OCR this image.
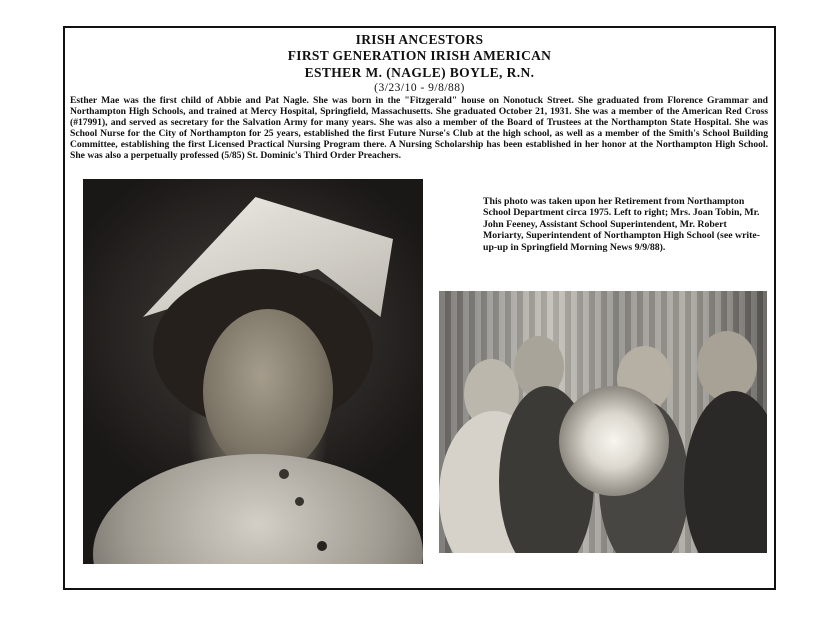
IRISH ANCESTORS
FIRST GENERATION IRISH AMERICAN
ESTHER M. (NAGLE) BOYLE, R.N.
(3/23/10 - 9/8/88)
Esther Mae was the first child of Abbie and Pat Nagle. She was born in the "Fitzgerald" house on Nonotuck Street. She graduated from Florence Grammar and Northampton High Schools, and trained at Mercy Hospital, Springfield, Massachusetts. She graduated October 21, 1931. She was a member of the American Red Cross (#17991), and served as secretary for the Salvation Army for many years. She was also a member of the Board of Trustees at the Northampton State Hospital. She was School Nurse for the City of Northampton for 25 years, established the first Future Nurse's Club at the high school, as well as a member of the Smith's School Building Committee, establishing the first Licensed Practical Nursing Program there. A Nursing Scholarship has been established in her honor at the Northampton High School. She was also a perpetually professed (5/85) St. Dominic's Third Order Preachers.
This photo was taken upon her Retirement from Northampton School Department circa 1975. Left to right; Mrs. Joan Tobin, Mr. John Feeney, Assistant School Superintendent, Mr. Robert Moriarty, Superintendent of Northampton High School (see write-up-up in Springfield Morning News 9/9/88).
